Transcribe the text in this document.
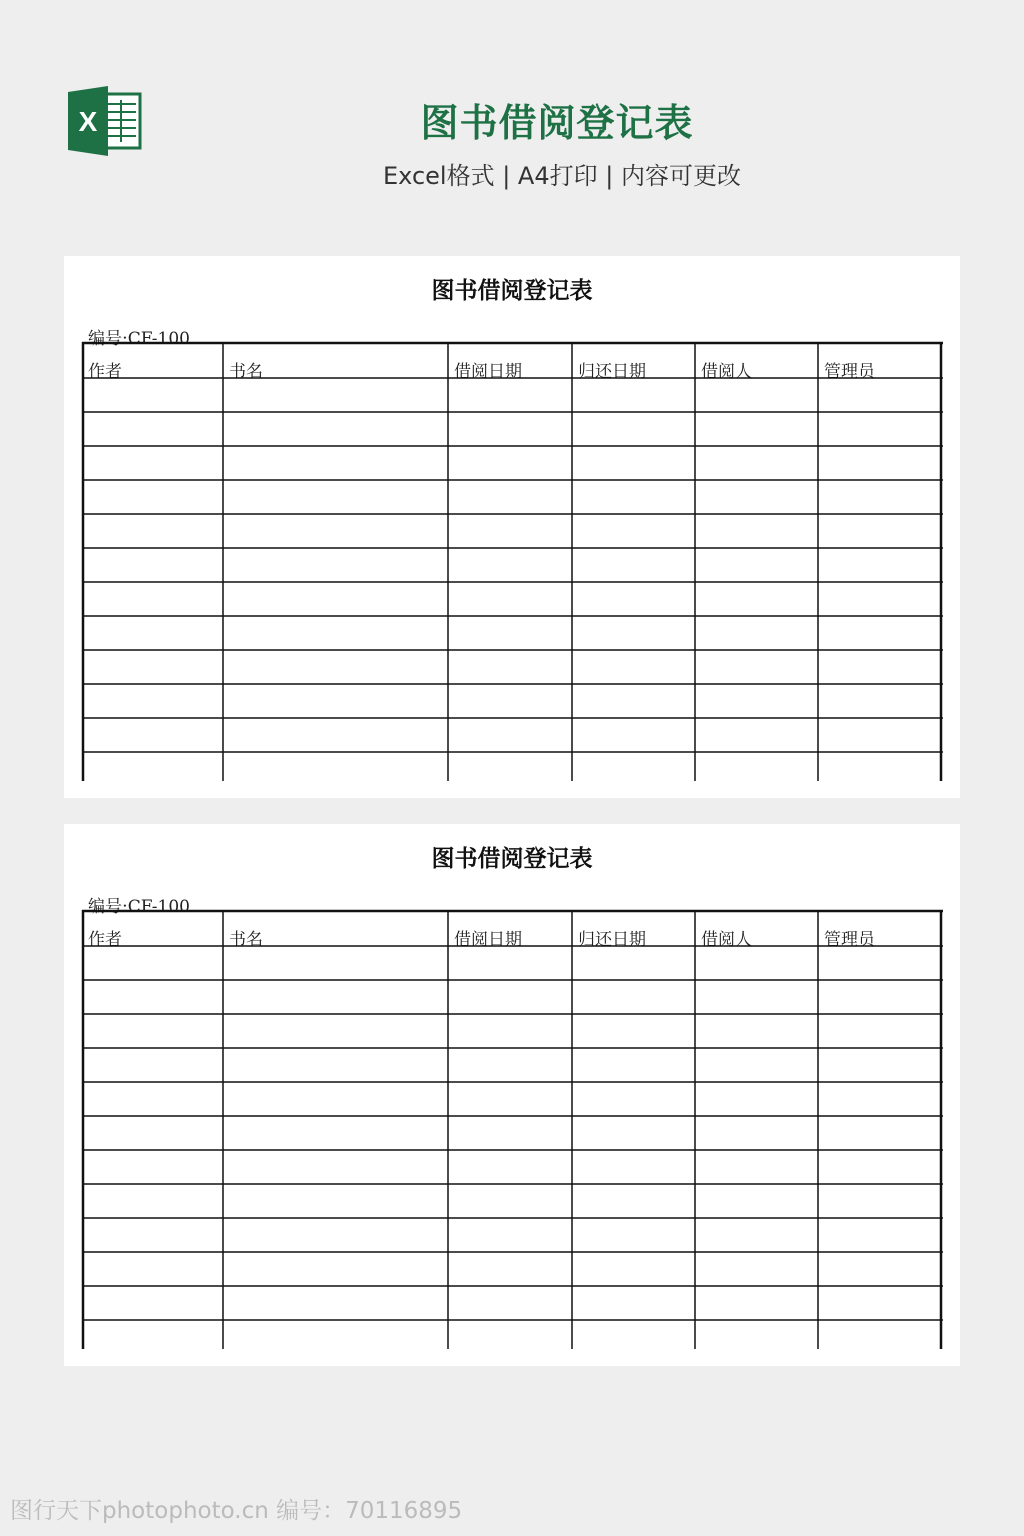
X	图书借阅登记表
Excel格式 | A4打印 | 内容可更改
图书借阅登记表
编号:CF-100
作者	书名	借阅日期	归还日期	借阅人	管理员
图书借阅登记表
编号:CF-100
作者	书名	借阅日期	归还日期	借阅人	管理员
图行天下photophoto.cn 编号：70116895
